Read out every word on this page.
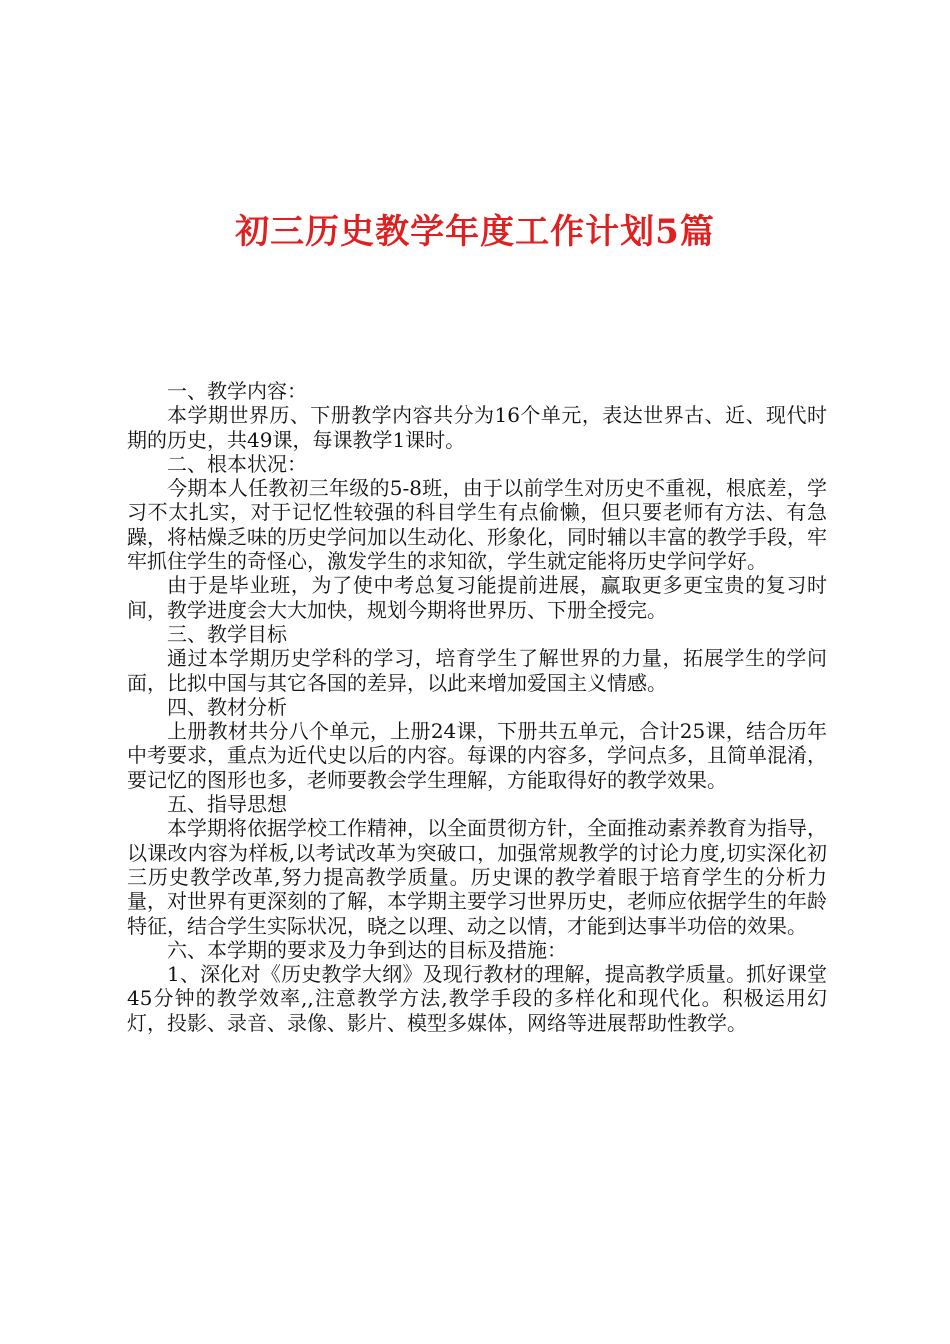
初三历史教学年度工作计划5篇

一、教学内容：

本学期世界历、下册教学内容共分为16个单元，表达世界古、近、现代时期的历史，共49课，每课教学1课时。

二、根本状况：

今期本人任教初三年级的5-8班，由于以前学生对历史不重视，根底差，学习不太扎实，对于记忆性较强的科目学生有点偷懒，但只要老师有方法、有急躁，将枯燥乏味的历史学问加以生动化、形象化，同时辅以丰富的教学手段，牢牢抓住学生的奇怪心，激发学生的求知欲，学生就定能将历史学问学好。

由于是毕业班，为了使中考总复习能提前进展，赢取更多更宝贵的复习时间，教学进度会大大加快，规划今期将世界历、下册全授完。

三、教学目标

通过本学期历史学科的学习，培育学生了解世界的力量，拓展学生的学问面，比拟中国与其它各国的差异，以此来增加爱国主义情感。

四、教材分析

上册教材共分八个单元，上册24课，下册共五单元，合计25课，结合历年中考要求，重点为近代史以后的内容。每课的内容多，学问点多，且简单混淆，要记忆的图形也多，老师要教会学生理解，方能取得好的教学效果。

五、指导思想

本学期将依据学校工作精神，以全面贯彻方针，全面推动素养教育为指导，以课改内容为样板,以考试改革为突破口，加强常规教学的讨论力度,切实深化初三历史教学改革,努力提高教学质量。历史课的教学着眼于培育学生的分析力量，对世界有更深刻的了解，本学期主要学习世界历史，老师应依据学生的年龄特征，结合学生实际状况，晓之以理、动之以情，才能到达事半功倍的效果。

六、本学期的要求及力争到达的目标及措施：

1、深化对《历史教学大纲》及现行教材的理解，提高教学质量。抓好课堂45分钟的教学效率,,注意教学方法,教学手段的多样化和现代化。积极运用幻灯，投影、录音、录像、影片、模型多媒体，网络等进展帮助性教学。
